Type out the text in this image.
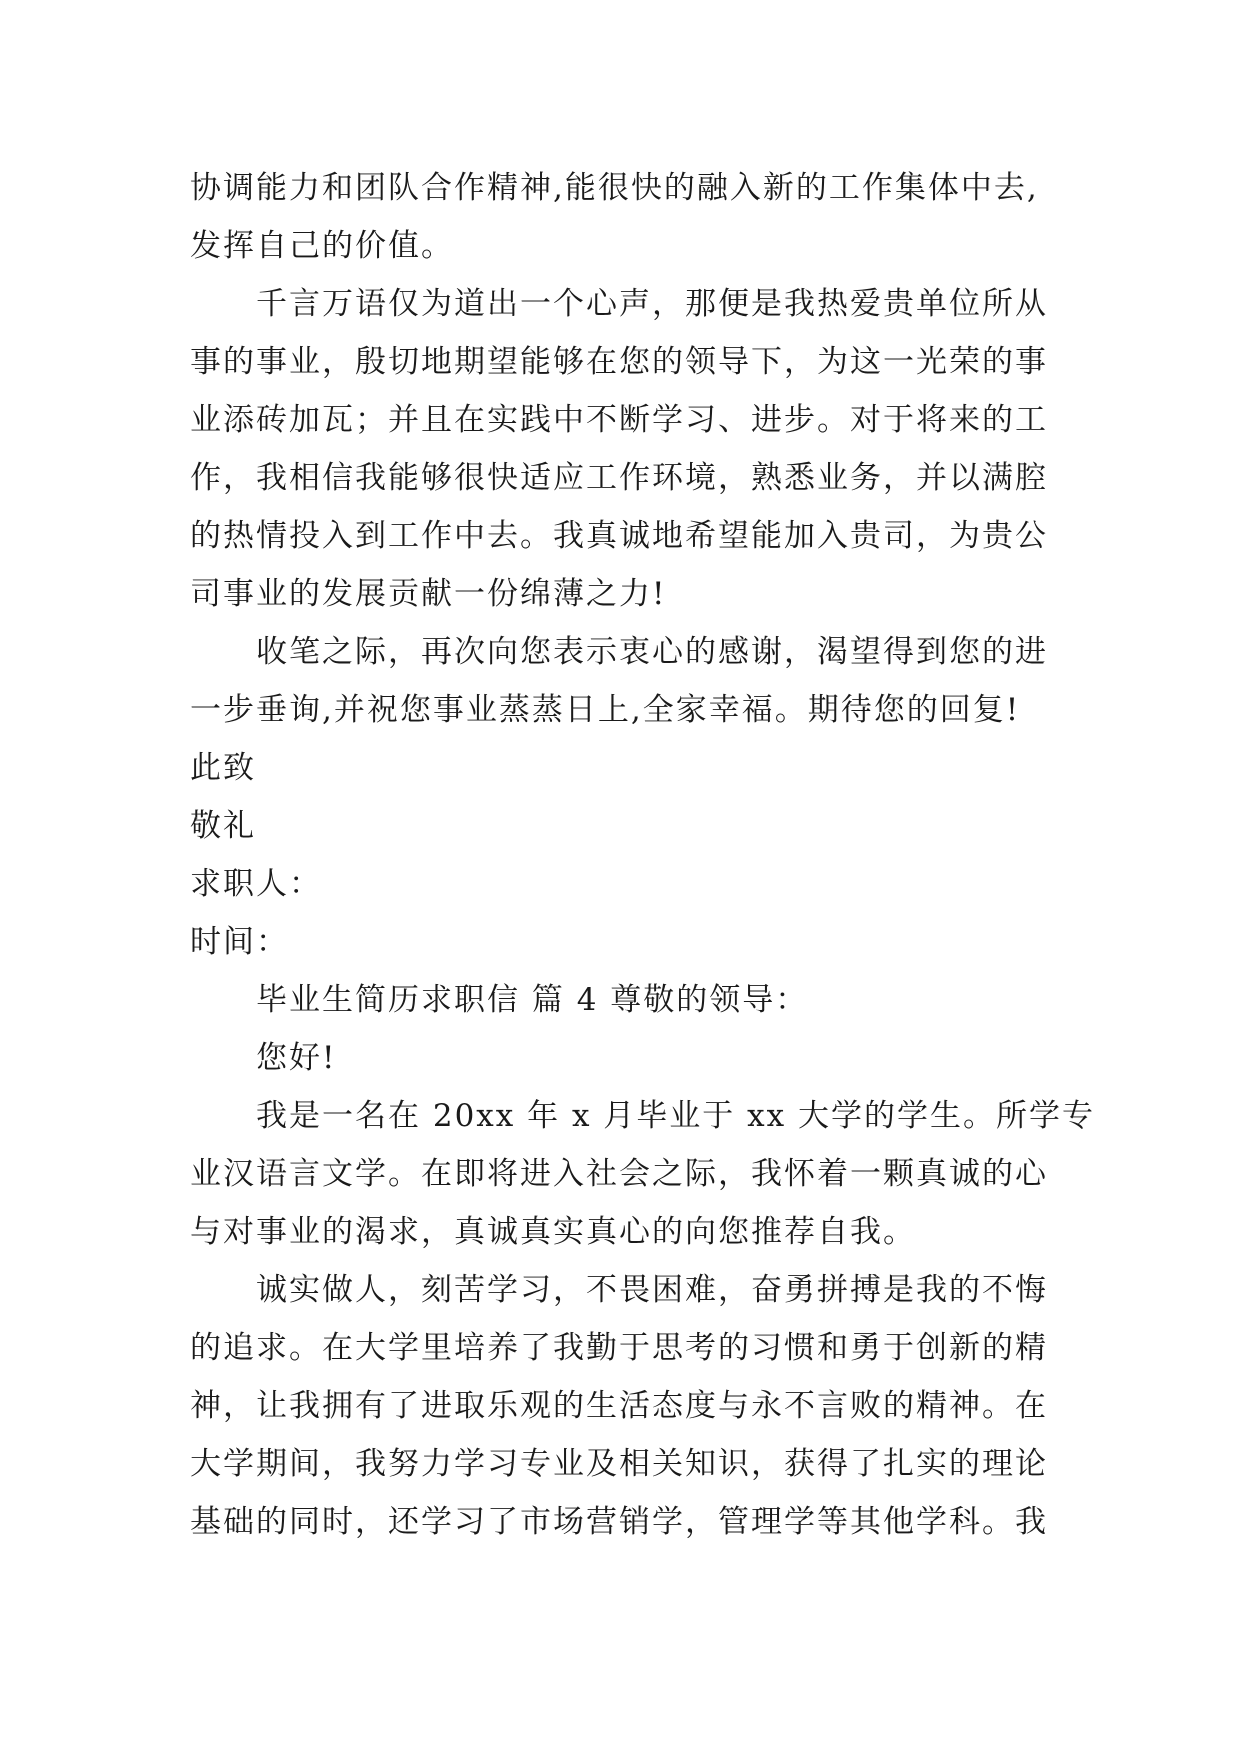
协调能力和团队合作精神,能很快的融入新的工作集体中去,
发挥自己的价值。
千言万语仅为道出一个心声，那便是我热爱贵单位所从
事的事业，殷切地期望能够在您的领导下，为这一光荣的事
业添砖加瓦；并且在实践中不断学习、进步。对于将来的工
作，我相信我能够很快适应工作环境，熟悉业务，并以满腔
的热情投入到工作中去。我真诚地希望能加入贵司，为贵公
司事业的发展贡献一份绵薄之力!
收笔之际，再次向您表示衷心的感谢，渴望得到您的进
一步垂询,并祝您事业蒸蒸日上,全家幸福。期待您的回复!
此致
敬礼
求职人：
时间：
毕业生简历求职信 篇 4 尊敬的领导：
您好!
我是一名在 20xx 年 x 月毕业于 xx 大学的学生。所学专
业汉语言文学。在即将进入社会之际，我怀着一颗真诚的心
与对事业的渴求，真诚真实真心的向您推荐自我。
诚实做人，刻苦学习，不畏困难，奋勇拼搏是我的不悔
的追求。在大学里培养了我勤于思考的习惯和勇于创新的精
神，让我拥有了进取乐观的生活态度与永不言败的精神。在
大学期间，我努力学习专业及相关知识，获得了扎实的理论
基础的同时，还学习了市场营销学，管理学等其他学科。我
